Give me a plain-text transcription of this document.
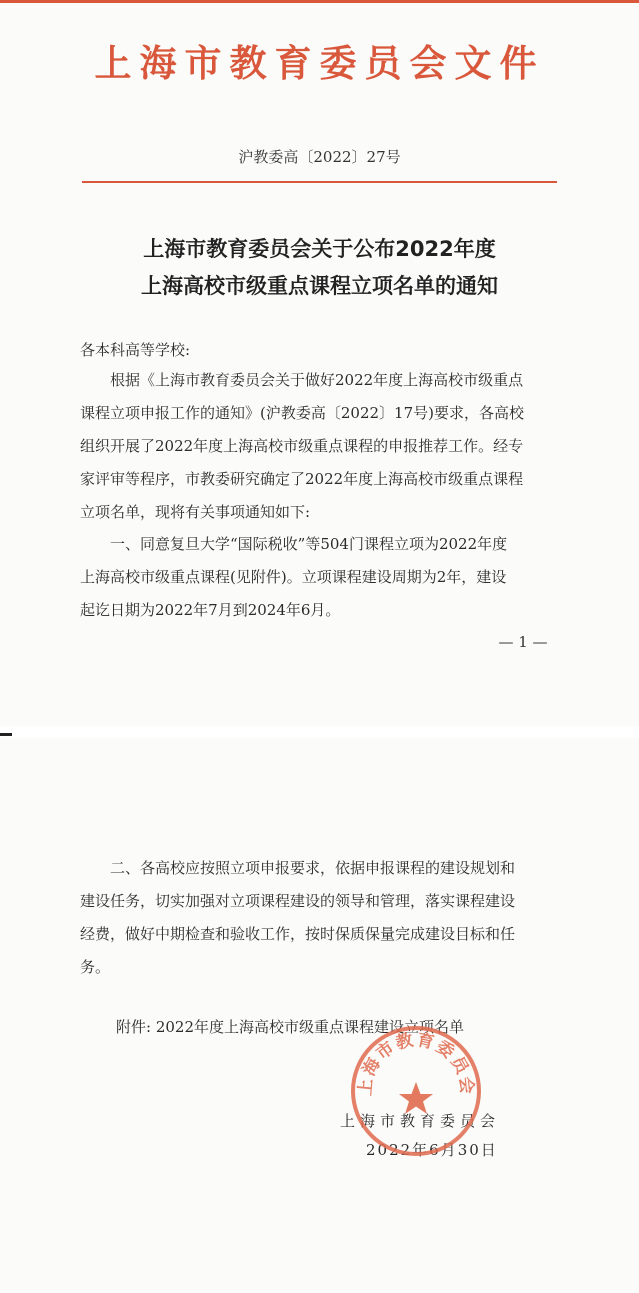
上海市教育委员会文件
沪教委高〔2022〕27号
上海市教育委员会关于公布2022年度
上海高校市级重点课程立项名单的通知
各本科高等学校:
根据《上海市教育委员会关于做好2022年度上海高校市级重点
课程立项申报工作的通知》(沪教委高〔2022〕17号)要求，各高校
组织开展了2022年度上海高校市级重点课程的申报推荐工作。经专
家评审等程序，市教委研究确定了2022年度上海高校市级重点课程
立项名单，现将有关事项通知如下:
一、同意复旦大学“国际税收”等504门课程立项为2022年度
上海高校市级重点课程(见附件)。立项课程建设周期为2年，建设
起讫日期为2022年7月到2024年6月。
— 1 —
二、各高校应按照立项申报要求，依据申报课程的建设规划和
建设任务，切实加强对立项课程建设的领导和管理，落实课程建设
经费，做好中期检查和验收工作，按时保质保量完成建设目标和任
务。
附件: 2022年度上海高校市级重点课程建设立项名单
上海市教育委员会
2022年6月30日
上海市教育委员会
